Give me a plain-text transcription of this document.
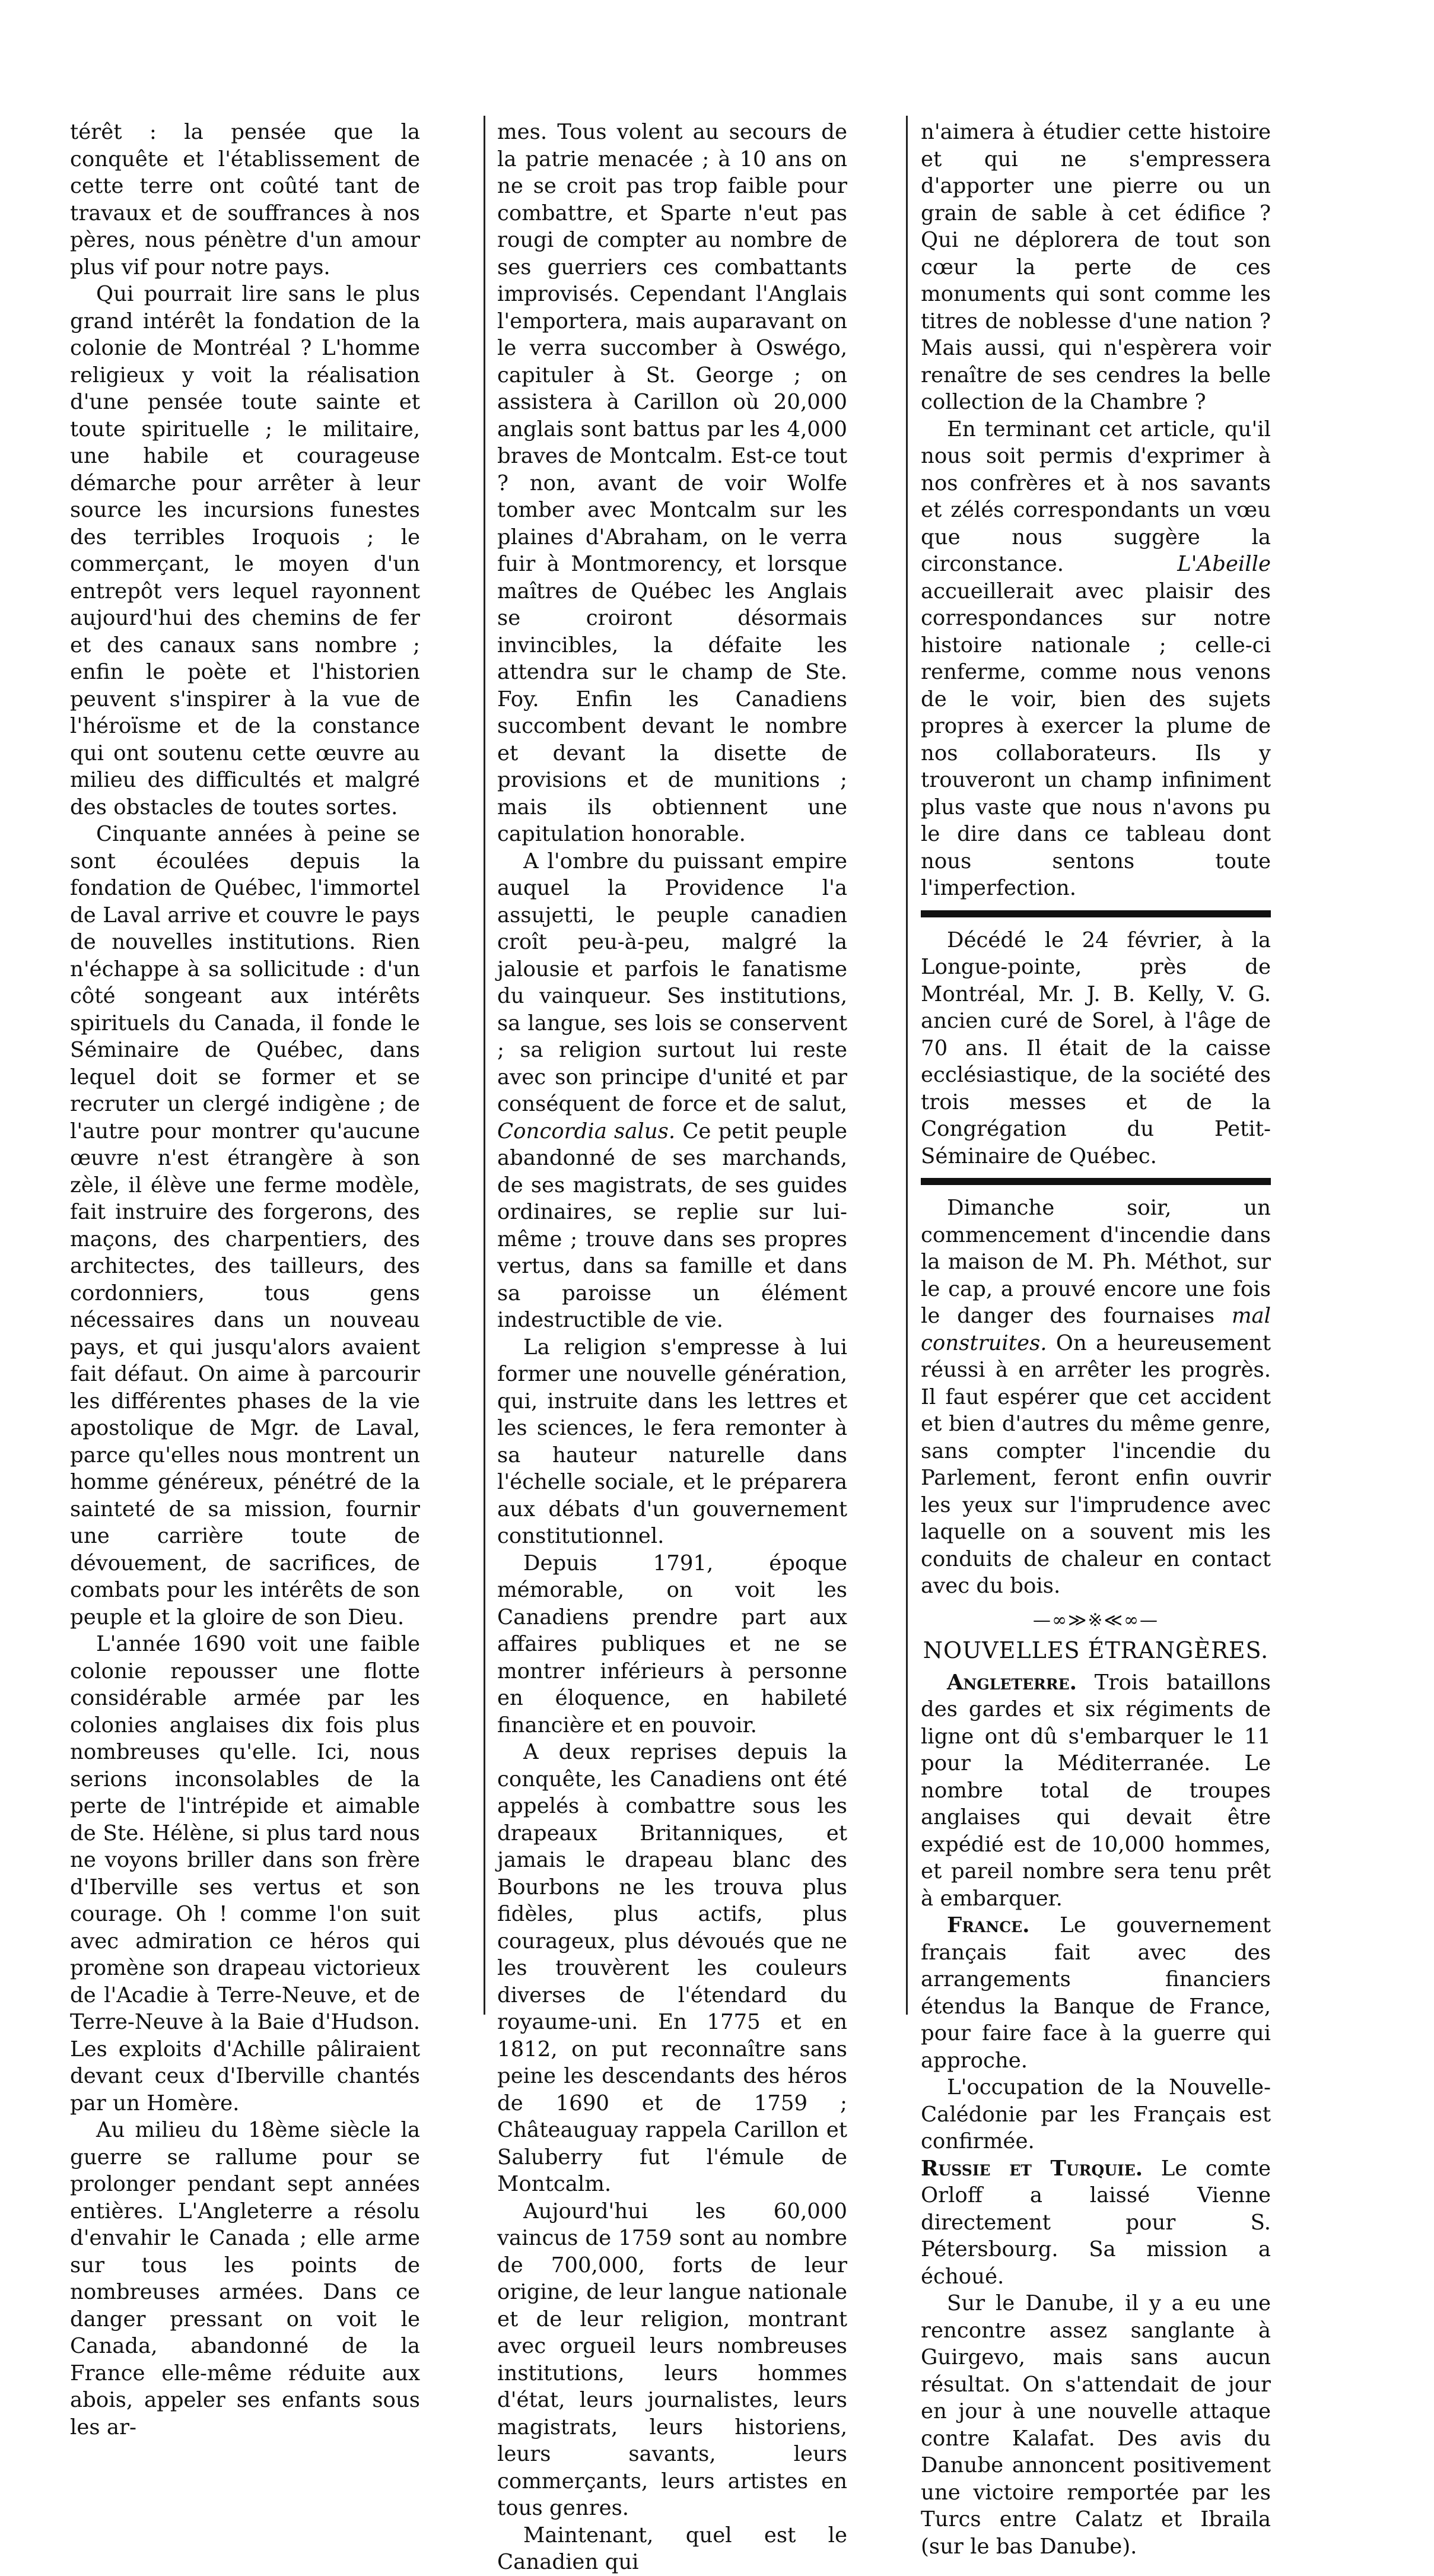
térêt : la pensée que la conquête et l'établissement de cette terre ont coûté tant de travaux et de souffrances à nos pères, nous pénètre d'un amour plus vif pour notre pays.

Qui pourrait lire sans le plus grand intérêt la fondation de la colonie de Montréal ? L'homme religieux y voit la réalisation d'une pensée toute sainte et toute spirituelle ; le militaire, une habile et courageuse démarche pour arrêter à leur source les incursions funestes des terribles Iroquois ; le commerçant, le moyen d'un entrepôt vers lequel rayonnent aujourd'hui des chemins de fer et des canaux sans nombre ; enfin le poète et l'historien peuvent s'inspirer à la vue de l'héroïsme et de la constance qui ont soutenu cette œuvre au milieu des difficultés et malgré des obstacles de toutes sortes.

Cinquante années à peine se sont écoulées depuis la fondation de Québec, l'immortel de Laval arrive et couvre le pays de nouvelles institutions. Rien n'échappe à sa sollicitude : d'un côté songeant aux intérêts spirituels du Canada, il fonde le Séminaire de Québec, dans lequel doit se former et se recruter un clergé indigène ; de l'autre pour montrer qu'aucune œuvre n'est étrangère à son zèle, il élève une ferme modèle, fait instruire des forgerons, des maçons, des charpentiers, des architectes, des tailleurs, des cordonniers, tous gens nécessaires dans un nouveau pays, et qui jusqu'alors avaient fait défaut. On aime à parcourir les différentes phases de la vie apostolique de Mgr. de Laval, parce qu'elles nous montrent un homme généreux, pénétré de la sainteté de sa mission, fournir une carrière toute de dévouement, de sacrifices, de combats pour les intérêts de son peuple et la gloire de son Dieu.

L'année 1690 voit une faible colonie repousser une flotte considérable armée par les colonies anglaises dix fois plus nombreuses qu'elle. Ici, nous serions inconsolables de la perte de l'intrépide et aimable de Ste. Hélène, si plus tard nous ne voyons briller dans son frère d'Iberville ses vertus et son courage. Oh ! comme l'on suit avec admiration ce héros qui promène son drapeau victorieux de l'Acadie à Terre-Neuve, et de Terre-Neuve à la Baie d'Hudson. Les exploits d'Achille pâliraient devant ceux d'Iberville chantés par un Homère.

Au milieu du 18ème siècle la guerre se rallume pour se prolonger pendant sept années entières. L'Angleterre a résolu d'envahir le Canada ; elle arme sur tous les points de nombreuses armées. Dans ce danger pressant on voit le Canada, abandonné de la France elle-même réduite aux abois, appeler ses enfants sous les ar-

mes. Tous volent au secours de la patrie menacée ; à 10 ans on ne se croit pas trop faible pour combattre, et Sparte n'eut pas rougi de compter au nombre de ses guerriers ces combattants improvisés. Cependant l'Anglais l'emportera, mais auparavant on le verra succomber à Oswégo, capituler à St. George ; on assistera à Carillon où 20,000 anglais sont battus par les 4,000 braves de Montcalm. Est-ce tout ? non, avant de voir Wolfe tomber avec Montcalm sur les plaines d'Abraham, on le verra fuir à Montmorency, et lorsque maîtres de Québec les Anglais se croiront désormais invincibles, la défaite les attendra sur le champ de Ste. Foy. Enfin les Canadiens succombent devant le nombre et devant la disette de provisions et de munitions ; mais ils obtiennent une capitulation honorable.

A l'ombre du puissant empire auquel la Providence l'a assujetti, le peuple canadien croît peu-à-peu, malgré la jalousie et parfois le fanatisme du vainqueur. Ses institutions, sa langue, ses lois se conservent ; sa religion surtout lui reste avec son principe d'unité et par conséquent de force et de salut, Concordia salus. Ce petit peuple abandonné de ses marchands, de ses magistrats, de ses guides ordinaires, se replie sur lui-même ; trouve dans ses propres vertus, dans sa famille et dans sa paroisse un élément indestructible de vie.

La religion s'empresse à lui former une nouvelle génération, qui, instruite dans les lettres et les sciences, le fera remonter à sa hauteur naturelle dans l'échelle sociale, et le préparera aux débats d'un gouvernement constitutionnel.

Depuis 1791, époque mémorable, on voit les Canadiens prendre part aux affaires publiques et ne se montrer inférieurs à personne en éloquence, en habileté financière et en pouvoir.

A deux reprises depuis la conquête, les Canadiens ont été appelés à combattre sous les drapeaux Britanniques, et jamais le drapeau blanc des Bourbons ne les trouva plus fidèles, plus actifs, plus courageux, plus dévoués que ne les trouvèrent les couleurs diverses de l'étendard du royaume-uni. En 1775 et en 1812, on put reconnaître sans peine les descendants des héros de 1690 et de 1759 ; Châteauguay rappela Carillon et Saluberry fut l'émule de Montcalm.

Aujourd'hui les 60,000 vaincus de 1759 sont au nombre de 700,000, forts de leur origine, de leur langue nationale et de leur religion, montrant avec orgueil leurs nombreuses institutions, leurs hommes d'état, leurs journalistes, leurs magistrats, leurs historiens, leurs savants, leurs commerçants, leurs artistes en tous genres.

Maintenant, quel est le Canadien qui

n'aimera à étudier cette histoire et qui ne s'empressera d'apporter une pierre ou un grain de sable à cet édifice ? Qui ne déplorera de tout son cœur la perte de ces monuments qui sont comme les titres de noblesse d'une nation ? Mais aussi, qui n'espèrera voir renaître de ses cendres la belle collection de la Chambre ?

En terminant cet article, qu'il nous soit permis d'exprimer à nos confrères et à nos savants et zélés correspondants un vœu que nous suggère la circonstance.	L'Abeille accueillerait avec plaisir des correspondances sur notre histoire nationale ; celle-ci renferme, comme nous venons de le voir, bien des sujets propres à exercer la plume de nos collaborateurs. Ils y trouveront un champ infiniment plus vaste que nous n'avons pu le dire dans ce tableau dont nous sentons toute l'imperfection.

Décédé le 24 février, à la Longue-pointe, près de Montréal, Mr. J. B. Kelly, V. G. ancien curé de Sorel, à l'âge de 70 ans. Il était de la caisse ecclésiastique, de la société des trois messes et de la Congrégation du Petit-Séminaire de Québec.

Dimanche soir, un commencement d'incendie dans la maison de M. Ph. Méthot, sur le cap, a prouvé encore une fois le danger des fournaises mal construites. On a heureusement réussi à en arrêter les progrès. Il faut espérer que cet accident et bien d'autres du même genre, sans compter l'incendie du Parlement, feront enfin ouvrir les yeux sur l'imprudence avec laquelle on a souvent mis les conduits de chaleur en contact avec du bois.

—∞≫※≪∞—
NOUVELLES ÉTRANGÈRES.

Angleterre. Trois bataillons des gardes et six régiments de ligne ont dû s'embarquer le 11 pour la Méditerranée. Le nombre total de troupes anglaises qui devait être expédié est de 10,000 hommes, et pareil nombre sera tenu prêt à embarquer.

France. Le gouvernement français fait avec des arrangements financiers étendus la Banque de France, pour faire face à la guerre qui approche.

L'occupation de la Nouvelle-Calédonie par les Français est confirmée.

Russie et Turquie. Le comte Orloff a laissé Vienne directement pour S. Pétersbourg. Sa mission a échoué.

Sur le Danube, il y a eu une rencontre assez sanglante à Guirgevo, mais sans aucun résultat. On s'attendait de jour en jour à une nouvelle attaque contre Kalafat. Des avis du Danube annoncent positivement une victoire remportée par les Turcs entre Calatz et Ibraila (sur le bas Danube).
